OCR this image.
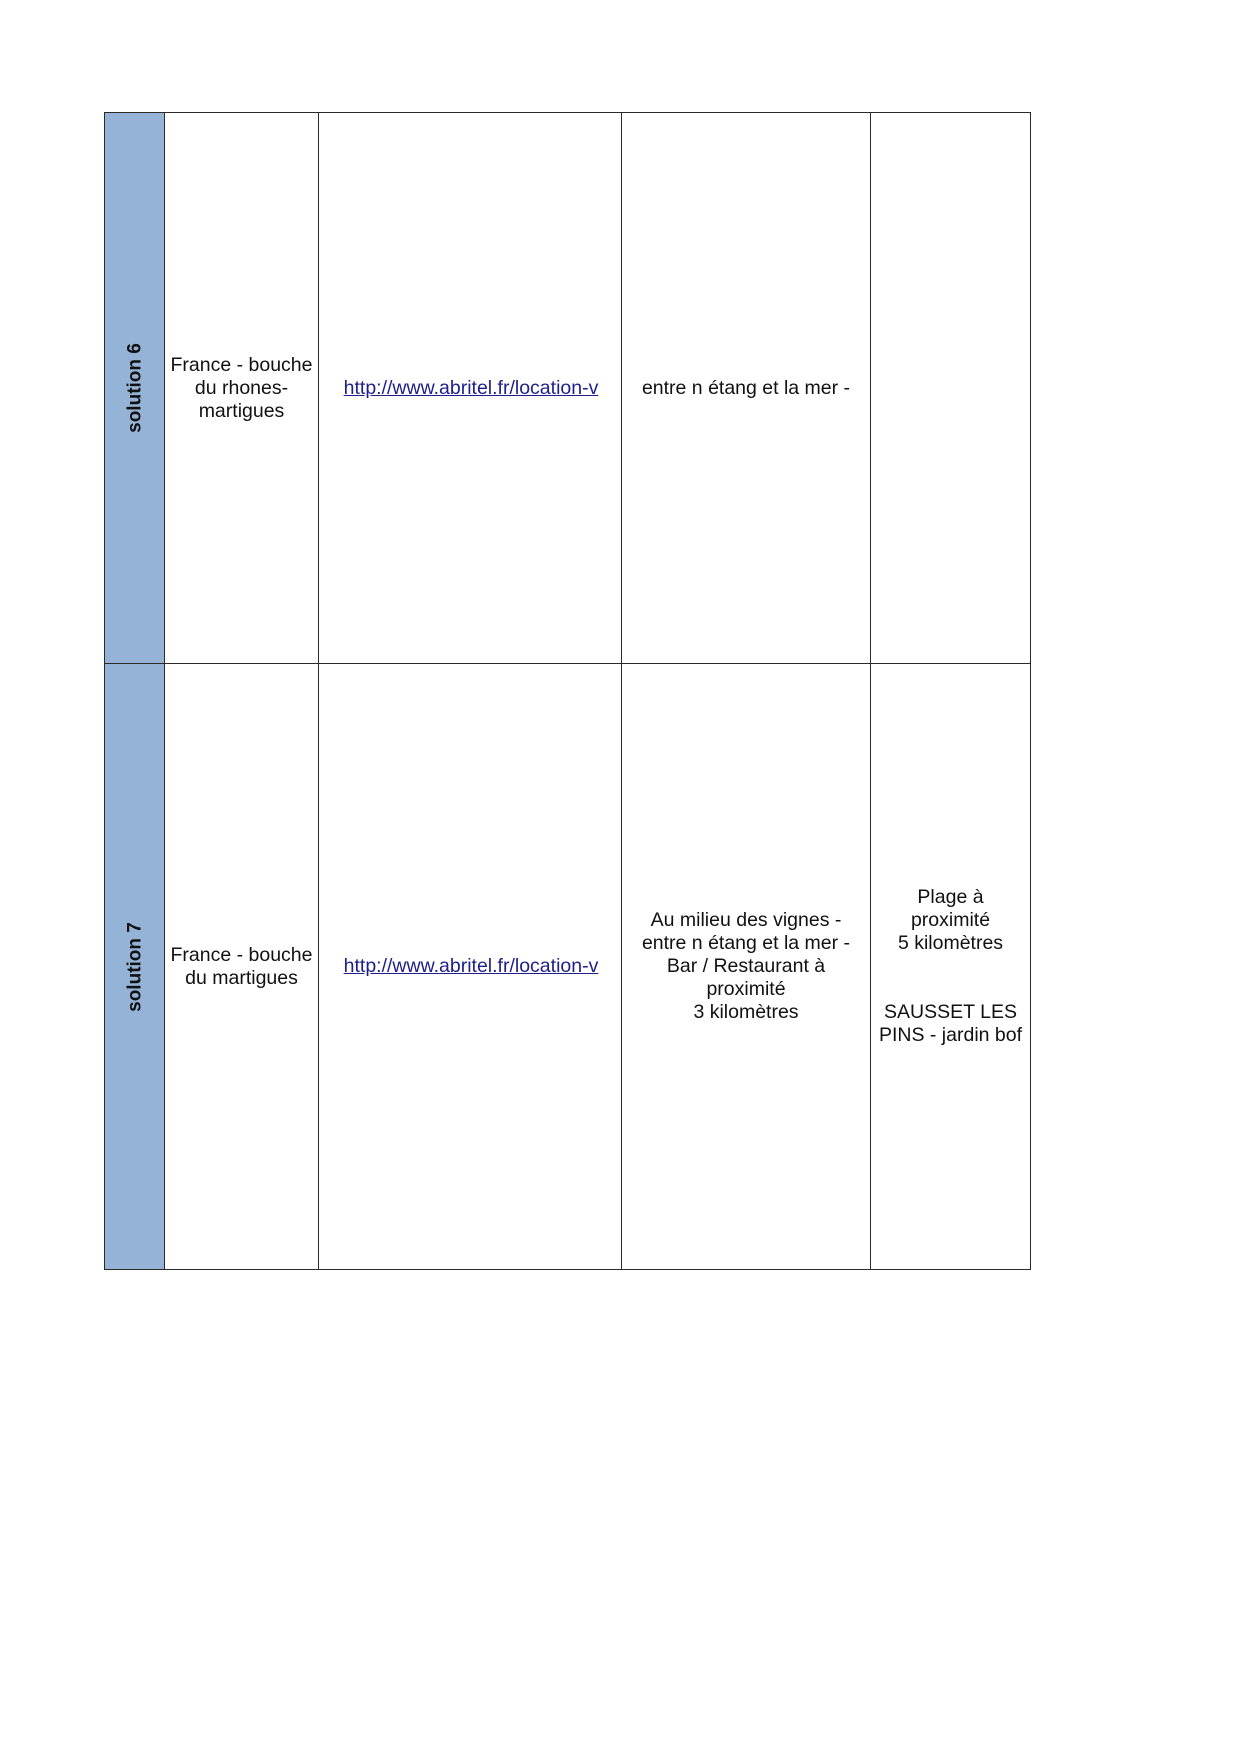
solution 6	France - bouche
du rhones-
martigues	http://www.abritel.fr/location-v	entre n étang et la mer -	

solution 7	France - bouche
du martigues	http://www.abritel.fr/location-v	Au milieu des vignes -
entre n étang et la mer -
Bar / Restaurant à
proximité
3 kilomètres	Plage à
proximité
5 kilomètres

SAUSSET LES
PINS - jardin bof
